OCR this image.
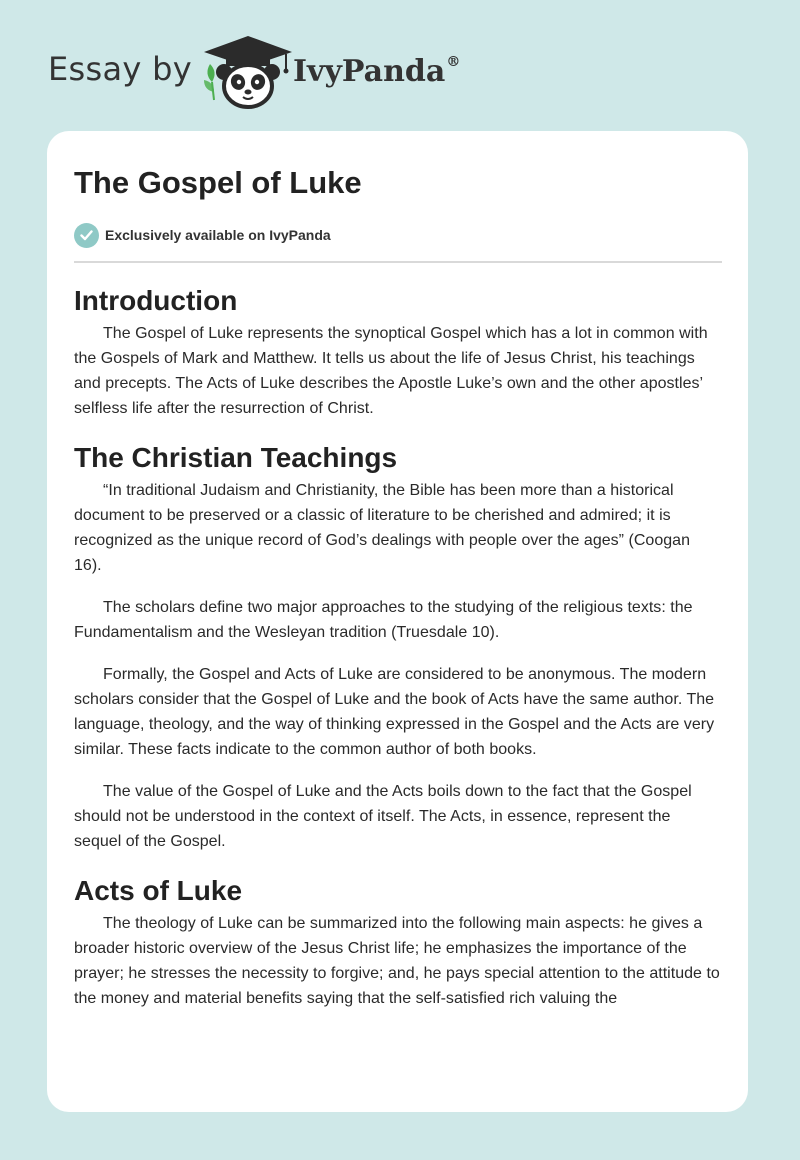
Essay by	IvyPanda®
The Gospel of Luke
Exclusively available on IvyPanda
Introduction

The Gospel of Luke represents the synoptical Gospel which has a lot in common with the Gospels of Mark and Matthew. It tells us about the life of Jesus Christ, his teachings and precepts. The Acts of Luke describes the Apostle Luke’s own and the other apostles’ selfless life after the resurrection of Christ.

The Christian Teachings

“In traditional Judaism and Christianity, the Bible has been more than a historical document to be preserved or a classic of literature to be cherished and admired; it is recognized as the unique record of God’s dealings with people over the ages” (Coogan 16).

The scholars define two major approaches to the studying of the religious texts: the Fundamentalism and the Wesleyan tradition (Truesdale 10).

Formally, the Gospel and Acts of Luke are considered to be anonymous. The modern scholars consider that the Gospel of Luke and the book of Acts have the same author. The language, theology, and the way of thinking expressed in the Gospel and the Acts are very similar. These facts indicate to the common author of both books.

The value of the Gospel of Luke and the Acts boils down to the fact that the Gospel should not be understood in the context of itself. The Acts, in essence, represent the sequel of the Gospel.

Acts of Luke

The theology of Luke can be summarized into the following main aspects: he gives a broader historic overview of the Jesus Christ life; he emphasizes the importance of the prayer; he stresses the necessity to forgive; and, he pays special attention to the attitude to the money and material benefits saying that the self-satisfied rich valuing the
